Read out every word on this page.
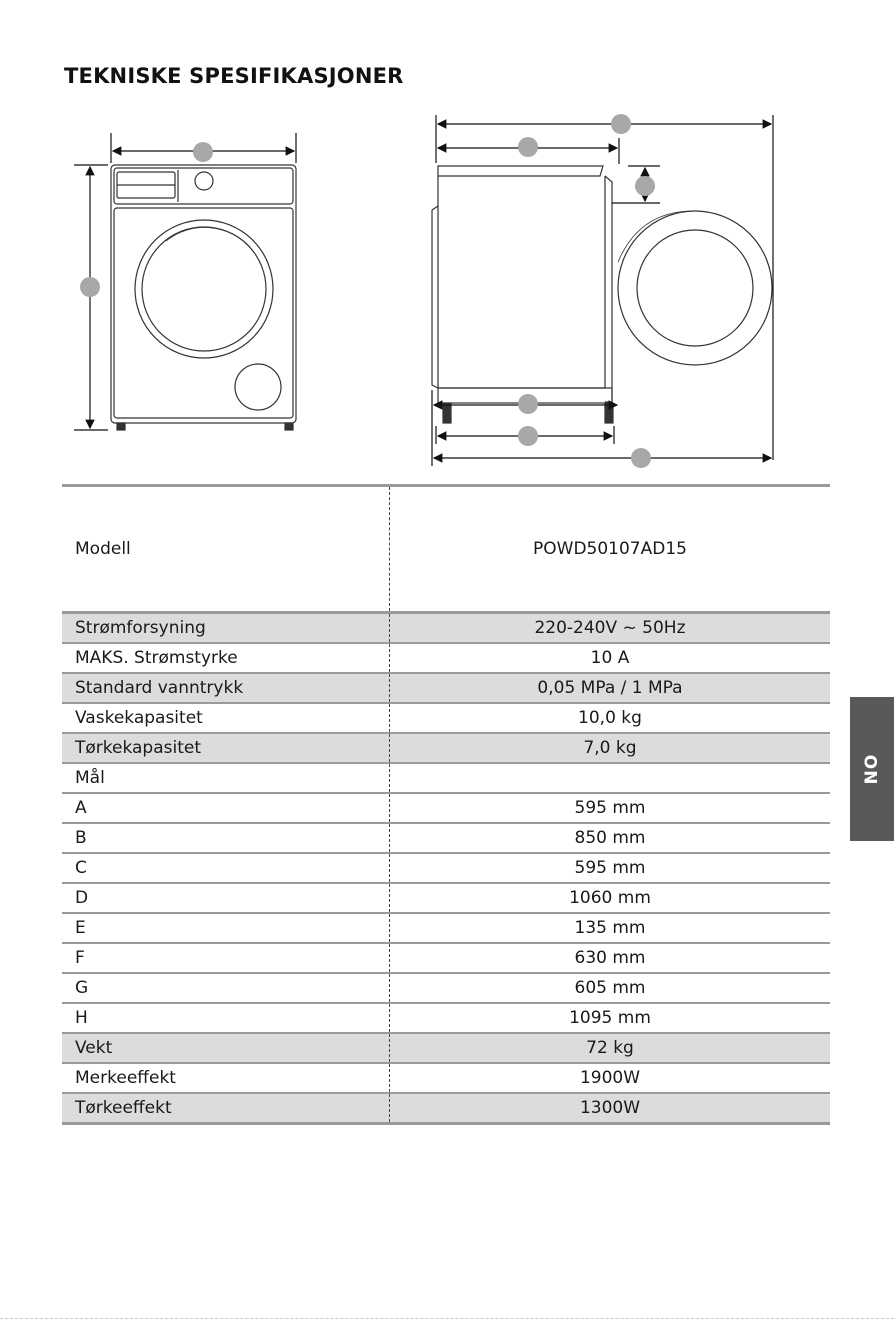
TEKNISKE SPESIFIKASJONER
Modell	POWD50107AD15
Strømforsyning	220-240V ~ 50Hz
MAKS. Strømstyrke	10 A
Standard vanntrykk	0,05 MPa / 1 MPa
Vaskekapasitet	10,0 kg
Tørkekapasitet	7,0 kg
Mål	
A	595 mm
B	850 mm
C	595 mm
D	1060 mm
E	135 mm
F	630 mm
G	605 mm
H	1095 mm
Vekt	72 kg
Merkeeffekt	1900W
Tørkeeffekt	1300W
NO
